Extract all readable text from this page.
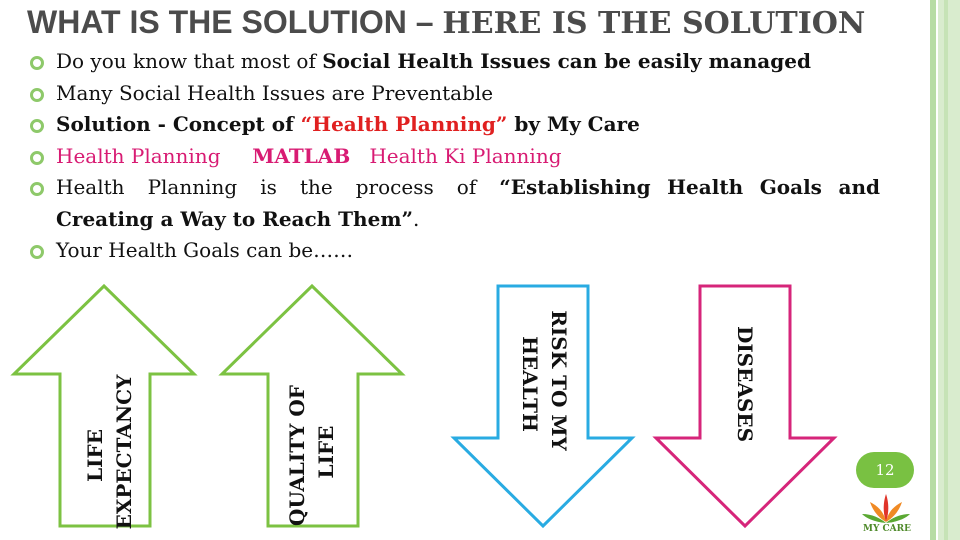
WHAT IS THE SOLUTION – HERE IS THE SOLUTION
Do you know that most of Social Health Issues can be easily managed
Many Social Health Issues are Preventable
Solution - Concept of “Health Planning” by My Care
Health Planning MATLAB Health Ki Planning
Health   Planning   is   the   process   of   “Establishing  Health  Goals  and
Creating a Way to Reach Them”.
Your Health Goals can be……
LIFE EXPECTANCY	QUALITY OF LIFE
RISK TO MY HEALTH	DISEASES
12
MY CARE
